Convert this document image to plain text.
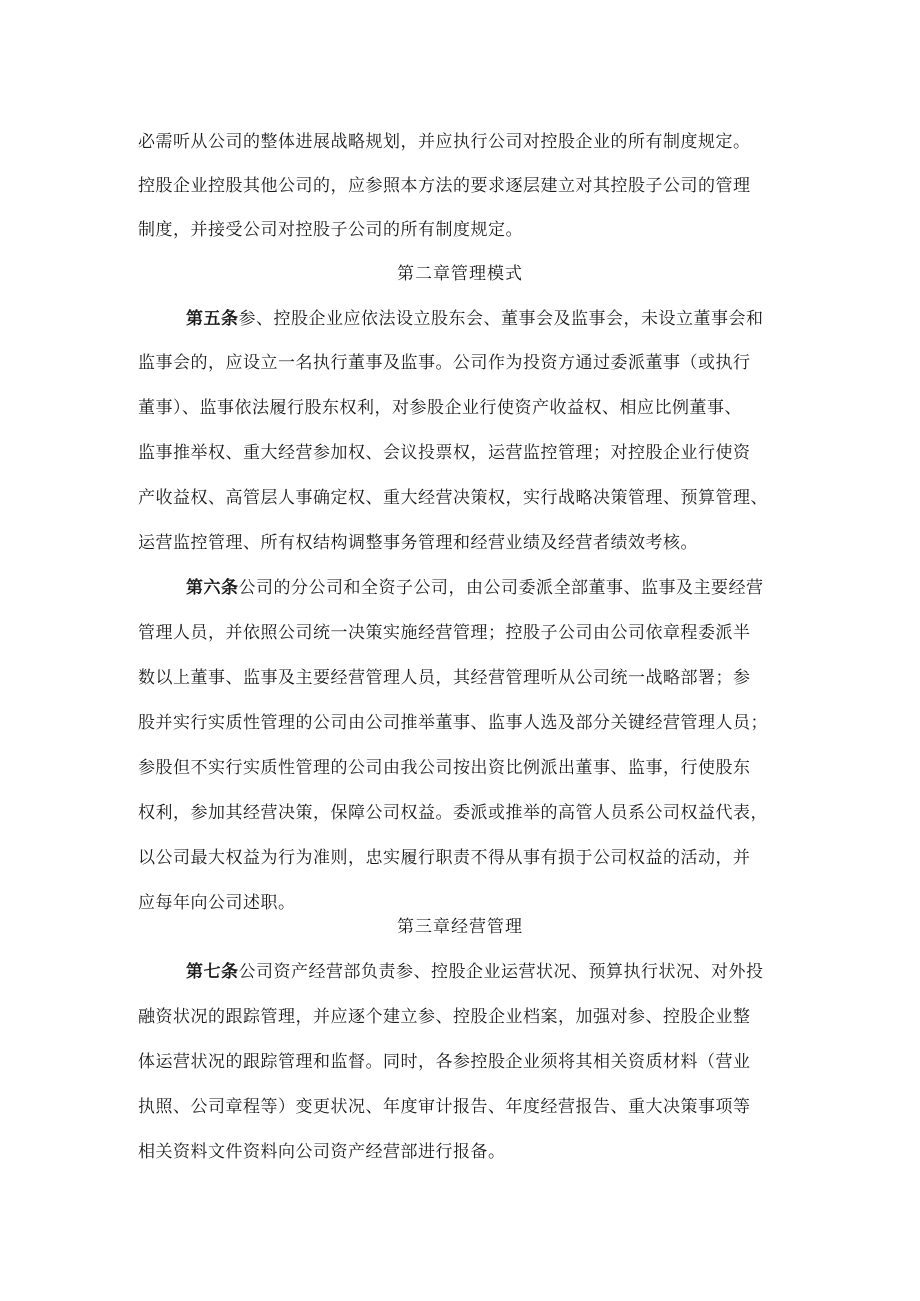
必需听从公司的整体进展战略规划，并应执行公司对控股企业的所有制度规定。
控股企业控股其他公司的，应参照本方法的要求逐层建立对其控股子公司的管理
制度，并接受公司对控股子公司的所有制度规定。
第二章管理模式
第五条参、控股企业应依法设立股东会、董事会及监事会，未设立董事会和
监事会的，应设立一名执行董事及监事。公司作为投资方通过委派董事（或执行
董事）、监事依法履行股东权利，对参股企业行使资产收益权、相应比例董事、
监事推举权、重大经营参加权、会议投票权，运营监控管理；对控股企业行使资
产收益权、高管层人事确定权、重大经营决策权，实行战略决策管理、预算管理、
运营监控管理、所有权结构调整事务管理和经营业绩及经营者绩效考核。
第六条公司的分公司和全资子公司，由公司委派全部董事、监事及主要经营
管理人员，并依照公司统一决策实施经营管理；控股子公司由公司依章程委派半
数以上董事、监事及主要经营管理人员，其经营管理听从公司统一战略部署；参
股并实行实质性管理的公司由公司推举董事、监事人选及部分关键经营管理人员；
参股但不实行实质性管理的公司由我公司按出资比例派出董事、监事，行使股东
权利，参加其经营决策，保障公司权益。委派或推举的高管人员系公司权益代表，
以公司最大权益为行为准则，忠实履行职责不得从事有损于公司权益的活动，并
应每年向公司述职。
第三章经营管理
第七条公司资产经营部负责参、控股企业运营状况、预算执行状况、对外投
融资状况的跟踪管理，并应逐个建立参、控股企业档案，加强对参、控股企业整
体运营状况的跟踪管理和监督。同时，各参控股企业须将其相关资质材料（营业
执照、公司章程等）变更状况、年度审计报告、年度经营报告、重大决策事项等
相关资料文件资料向公司资产经营部进行报备。
